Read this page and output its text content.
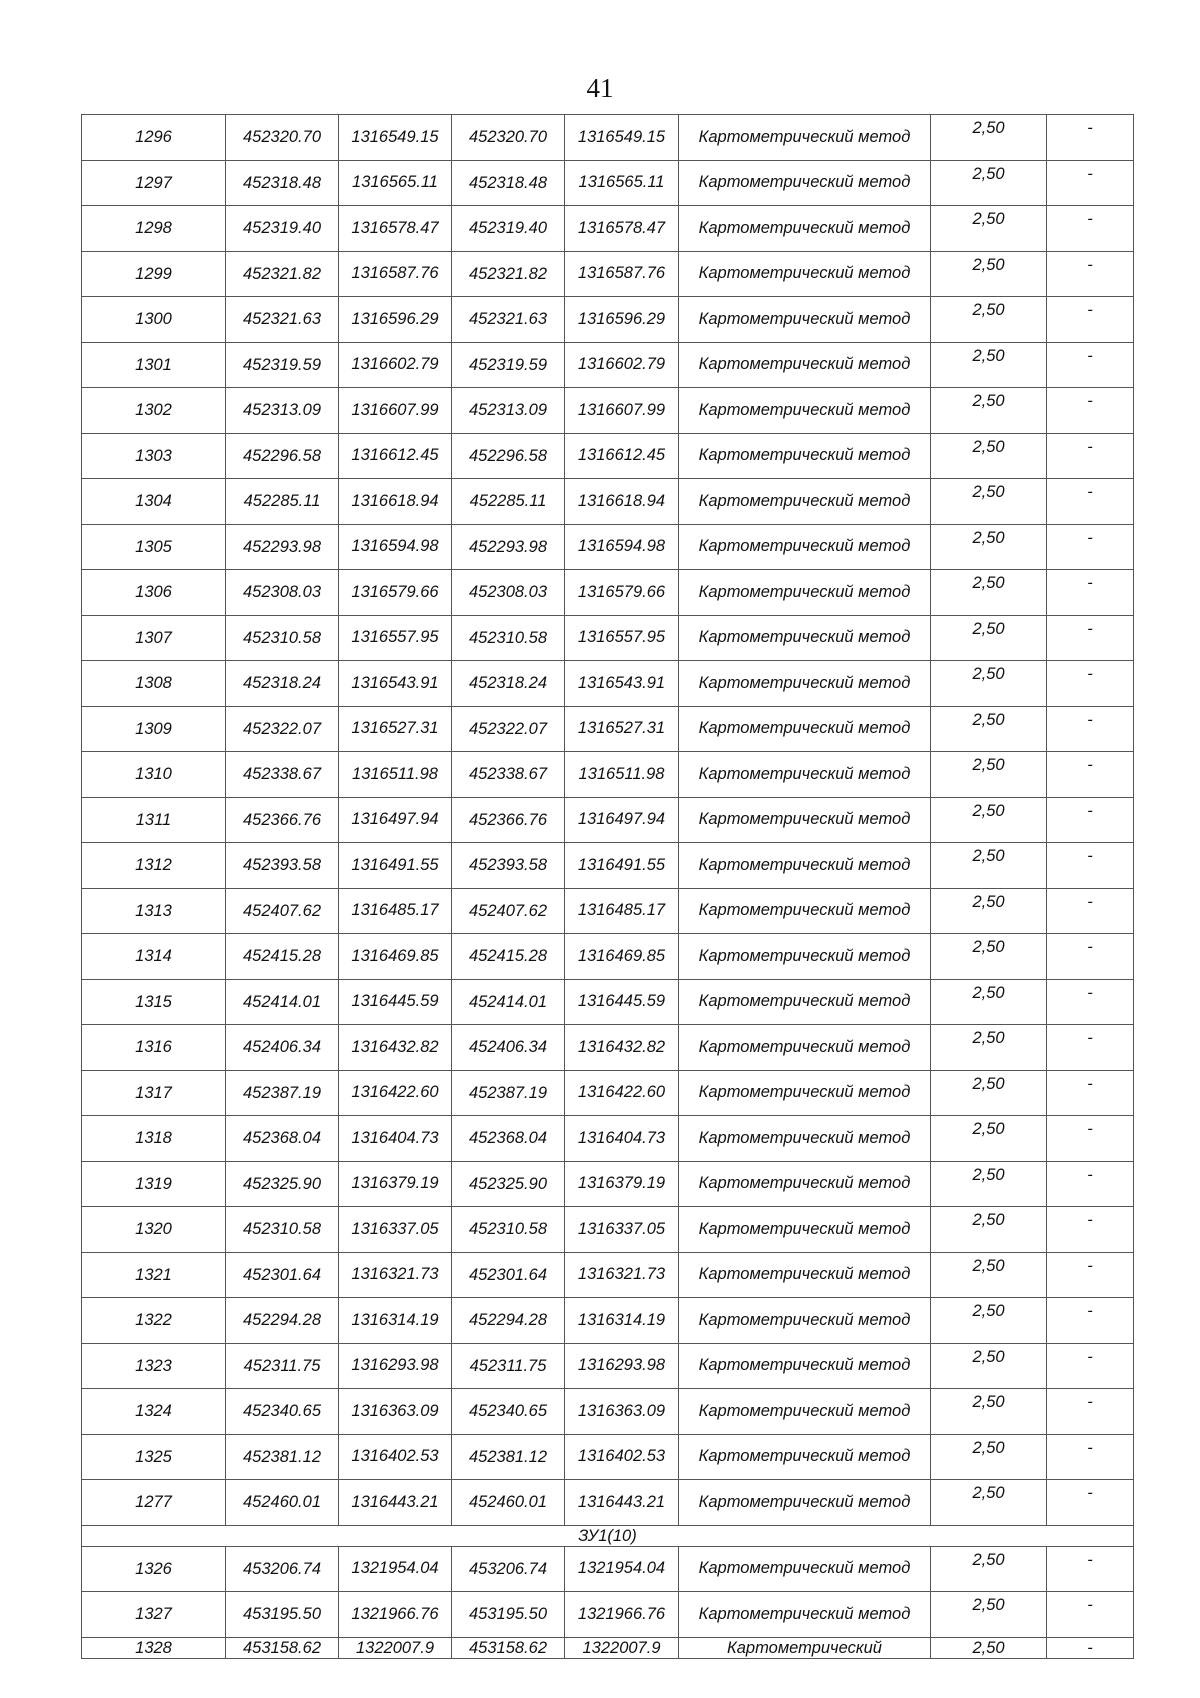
41
1296	452320.70	1316549.15	452320.70	1316549.15	Картометрический метод	2,50	-
1297	452318.48	1316565.11	452318.48	1316565.11	Картометрический метод	2,50	-
1298	452319.40	1316578.47	452319.40	1316578.47	Картометрический метод	2,50	-
1299	452321.82	1316587.76	452321.82	1316587.76	Картометрический метод	2,50	-
1300	452321.63	1316596.29	452321.63	1316596.29	Картометрический метод	2,50	-
1301	452319.59	1316602.79	452319.59	1316602.79	Картометрический метод	2,50	-
1302	452313.09	1316607.99	452313.09	1316607.99	Картометрический метод	2,50	-
1303	452296.58	1316612.45	452296.58	1316612.45	Картометрический метод	2,50	-
1304	452285.11	1316618.94	452285.11	1316618.94	Картометрический метод	2,50	-
1305	452293.98	1316594.98	452293.98	1316594.98	Картометрический метод	2,50	-
1306	452308.03	1316579.66	452308.03	1316579.66	Картометрический метод	2,50	-
1307	452310.58	1316557.95	452310.58	1316557.95	Картометрический метод	2,50	-
1308	452318.24	1316543.91	452318.24	1316543.91	Картометрический метод	2,50	-
1309	452322.07	1316527.31	452322.07	1316527.31	Картометрический метод	2,50	-
1310	452338.67	1316511.98	452338.67	1316511.98	Картометрический метод	2,50	-
1311	452366.76	1316497.94	452366.76	1316497.94	Картометрический метод	2,50	-
1312	452393.58	1316491.55	452393.58	1316491.55	Картометрический метод	2,50	-
1313	452407.62	1316485.17	452407.62	1316485.17	Картометрический метод	2,50	-
1314	452415.28	1316469.85	452415.28	1316469.85	Картометрический метод	2,50	-
1315	452414.01	1316445.59	452414.01	1316445.59	Картометрический метод	2,50	-
1316	452406.34	1316432.82	452406.34	1316432.82	Картометрический метод	2,50	-
1317	452387.19	1316422.60	452387.19	1316422.60	Картометрический метод	2,50	-
1318	452368.04	1316404.73	452368.04	1316404.73	Картометрический метод	2,50	-
1319	452325.90	1316379.19	452325.90	1316379.19	Картометрический метод	2,50	-
1320	452310.58	1316337.05	452310.58	1316337.05	Картометрический метод	2,50	-
1321	452301.64	1316321.73	452301.64	1316321.73	Картометрический метод	2,50	-
1322	452294.28	1316314.19	452294.28	1316314.19	Картометрический метод	2,50	-
1323	452311.75	1316293.98	452311.75	1316293.98	Картометрический метод	2,50	-
1324	452340.65	1316363.09	452340.65	1316363.09	Картометрический метод	2,50	-
1325	452381.12	1316402.53	452381.12	1316402.53	Картометрический метод	2,50	-
1277	452460.01	1316443.21	452460.01	1316443.21	Картометрический метод	2,50	-
ЗУ1(10)							
1326	453206.74	1321954.04	453206.74	1321954.04	Картометрический метод	2,50	-
1327	453195.50	1321966.76	453195.50	1321966.76	Картометрический метод	2,50	-
1328	453158.62	1322007.9	453158.62	1322007.9	Картометрический	2,50	-
